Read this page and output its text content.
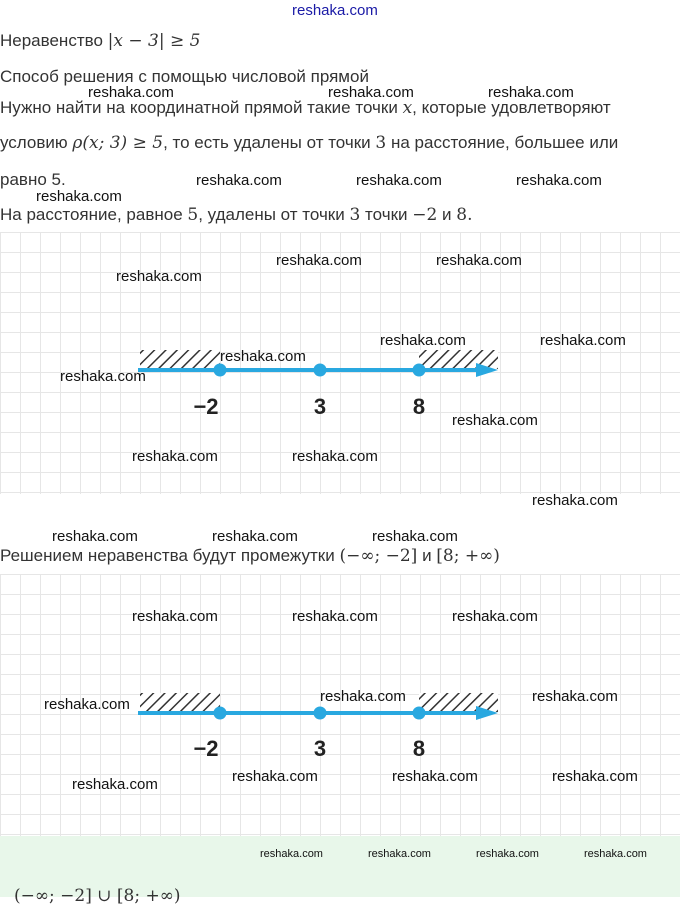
reshaka.com
Неравенство |x − 3| ≥ 5
Способ решения с помощью числовой прямой
Нужно найти на координатной прямой такие точки x, которые удовлетворяют
условию ρ(x; 3) ≥ 5, то есть удалены от точки 3 на расстояние, большее или
равно 5.
На расстояние, равное 5, удалены от точки 3 точки −2 и 8.
−2	3	8
Решением неравенства будут промежутки (−∞; −2] и [8; +∞)
−2	3	8
(−∞; −2] ∪ [8; +∞)
reshaka.com	reshaka.com	reshaka.com
reshaka.com	reshaka.com	reshaka.com
reshaka.com
reshaka.com	reshaka.com
reshaka.com
reshaka.com	reshaka.com
reshaka.com
reshaka.com
reshaka.com
reshaka.com	reshaka.com
reshaka.com
reshaka.com	reshaka.com	reshaka.com
reshaka.com	reshaka.com	reshaka.com
reshaka.com	reshaka.com
reshaka.com
reshaka.com	reshaka.com	reshaka.com
reshaka.com
reshaka.com	reshaka.com	reshaka.com	reshaka.com
